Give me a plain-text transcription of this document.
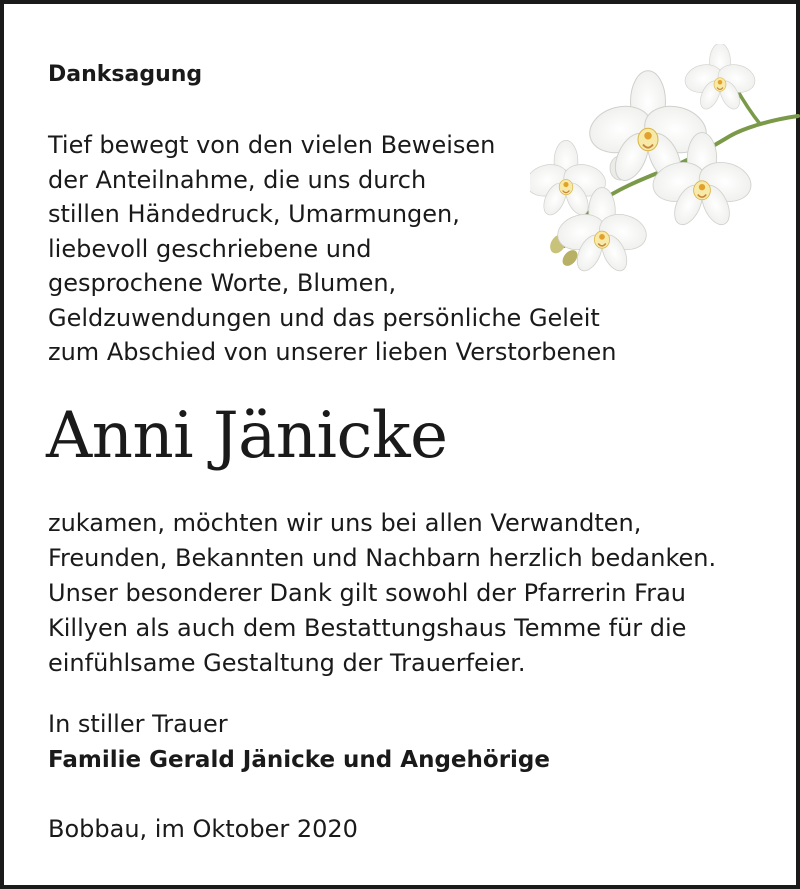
Danksagung

Tief bewegt von den vielen Beweisen
der Anteilnahme, die uns durch
stillen Händedruck, Umarmungen,
liebevoll geschriebene und
gesprochene Worte, Blumen,
Geldzuwendungen und das persönliche Geleit
zum Abschied von unserer lieben Verstorbenen

Anni Jänicke

zukamen, möchten wir uns bei allen Verwandten,
Freunden, Bekannten und Nachbarn herzlich bedanken.
Unser besonderer Dank gilt sowohl der Pfarrerin Frau
Killyen als auch dem Bestattungshaus Temme für die
einfühlsame Gestaltung der Trauerfeier.

In stiller Trauer

Familie Gerald Jänicke und Angehörige

Bobbau, im Oktober 2020
